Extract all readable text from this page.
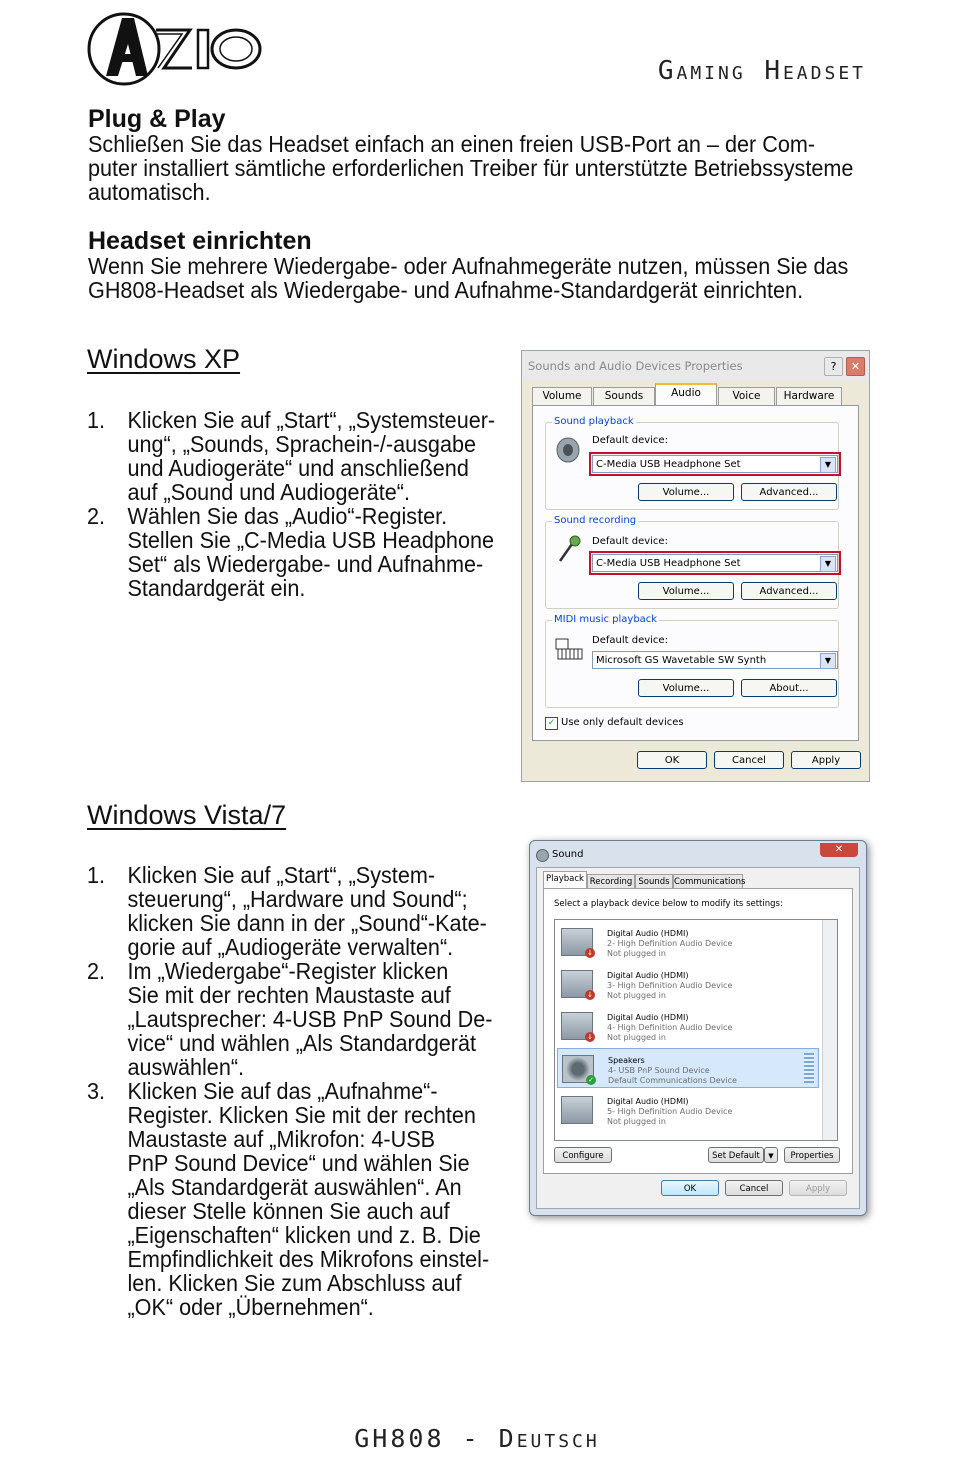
Gaming Headset
Plug & Play
Schließen Sie das Headset einfach an einen freien USB-Port an – der Com-
puter installiert sämtliche erforderlichen Treiber für unterstützte Betriebssysteme
automatisch.
Headset einrichten
Wenn Sie mehrere Wiedergabe- oder Aufnahmegeräte nutzen, müssen Sie das
GH808-Headset als Wiedergabe- und Aufnahme-Standardgerät einrichten.
Windows XP
1. Klicken Sie auf „Start“, „Systemsteuer-
ung“, „Sounds, Sprachein-/-ausgabe
und Audiogeräte“ und anschließend
auf „Sound und Audiogeräte“.
2. Wählen Sie das „Audio“-Register.
Stellen Sie „C-Media USB Headphone
Set“ als Wiedergabe- und Aufnahme-
Standardgerät ein.
Sounds and Audio Devices Properties	?	✕
Volume	Sounds	Audio	Voice	Hardware
Sound playback
Default device:
C-Media USB Headphone Set	▼
Volume...	Advanced...
Sound recording
Default device:
C-Media USB Headphone Set	▼
Volume...	Advanced...
MIDI music playback
Default device:
Microsoft GS Wavetable SW Synth	▼
Volume...	About...
✓ Use only default devices
OK	Cancel	Apply
Windows Vista/7
1. Klicken Sie auf „Start“, „System-
steuerung“, „Hardware und Sound“;
klicken Sie dann in der „Sound“-Kate-
gorie auf „Audiogeräte verwalten“.
2. Im „Wiedergabe“-Register klicken
Sie mit der rechten Maustaste auf
„Lautsprecher: 4-USB PnP Sound De-
vice“ und wählen „Als Standardgerät
auswählen“.
3. Klicken Sie auf das „Aufnahme“-
Register. Klicken Sie mit der rechten
Maustaste auf „Mikrofon: 4-USB
PnP Sound Device“ und wählen Sie
„Als Standardgerät auswählen“. An
dieser Stelle können Sie auch auf
„Eigenschaften“ klicken und z. B. Die
Empfindlichkeit des Mikrofons einstel-
len. Klicken Sie zum Abschluss auf
„OK“ oder „Übernehmen“.
Sound	✕
Playback Recording Sounds Communications
Select a playback device below to modify its settings:
↓
Digital Audio (HDMI)
2- High Definition Audio Device
Not plugged in
↓
Digital Audio (HDMI)
3- High Definition Audio Device
Not plugged in
↓
Digital Audio (HDMI)
4- High Definition Audio Device
Not plugged in
✓
Speakers
4- USB PnP Sound Device
Default Communications Device
Digital Audio (HDMI)
5- High Definition Audio Device
Not plugged in
Configure	Set Default	▼	Properties
OK	Cancel	Apply
GH808 - Deutsch
